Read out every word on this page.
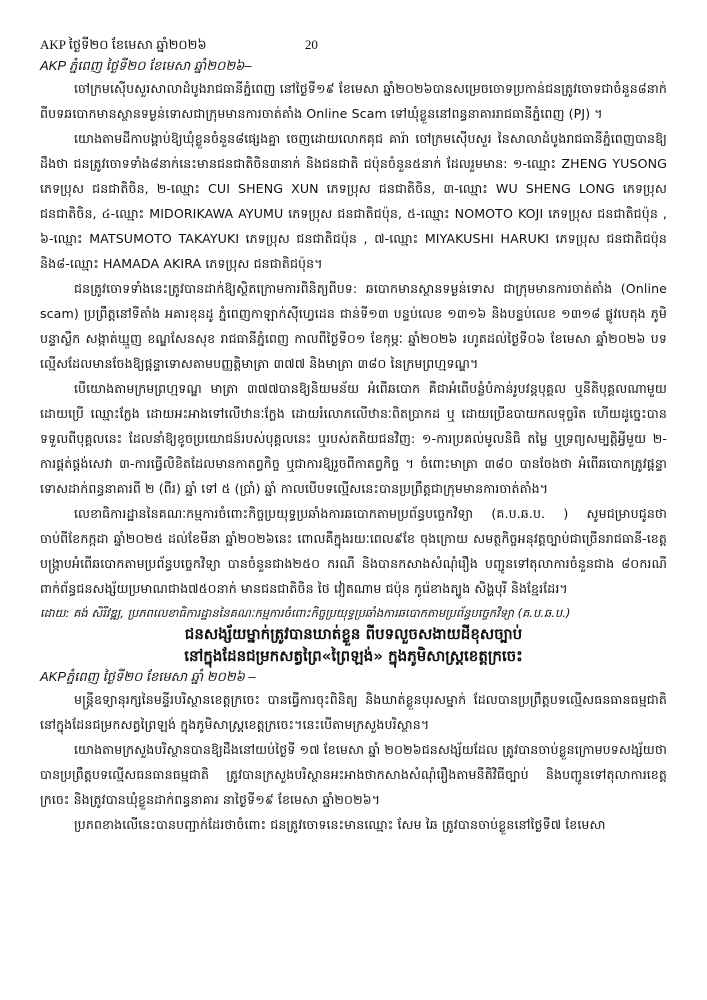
AKP ថ្ងៃទី២០ ខែមេសា ឆ្នាំ២០២៦	20
AKP ភ្នំពេញ ថ្ងៃទី២០ ខែមេសា ឆ្នាំ២០២៦–

ចៅក្រមស៊ើបសួរសាលាដំបូងរាជធានីភ្នំពេញ នៅថ្ងៃទី១៩ ខែមេសា ឆ្នាំ២០២៦បានសម្រេចចោទប្រកាន់ជនត្រូវចោទជាចំនួន៨នាក់ ពីបទឆបោកមានស្ថានទម្ងន់ទោសជាក្រុមមានការចាត់តាំង Online Scam ទៅឃុំខ្លួននៅពន្ធនាគាររាជធានីភ្នំពេញ (PJ) ។

យោងតាមដីកាបង្គាប់ឱ្យឃុំខ្លួនចំនួន៨ផ្សេងគ្នា ចេញដោយលោកគុជ គារ៉ា ចៅក្រមស៊ើបសួរ នៃសាលាដំបូងរាជធានីភ្នំពេញបានឱ្យដឹងថា ជនត្រូវចោទទាំង៨នាក់នេះមានជនជាតិចិន៣នាក់ និងជនជាតិ ជប៉ុនចំនួន៥នាក់ ដែលរួមមាន: ១-ឈ្មោះ ZHENG YUSONG ភេទប្រុស ជនជាតិចិន, ២-ឈ្មោះ CUI SHENG XUN ភេទប្រុស ជនជាតិចិន, ៣-ឈ្មោះ WU SHENG LONG ភេទប្រុស ជនជាតិចិន, ៤-ឈ្មោះ MIDORIKAWA AYUMU ភេទប្រុស ជនជាតិជប៉ុន, ៥-ឈ្មោះ NOMOTO KOJI ភេទប្រុស ជនជាតិជប៉ុន , ៦-ឈ្មោះ MATSUMOTO TAKAYUKI ភេទប្រុស ជនជាតិជប៉ុន , ៧-ឈ្មោះ MIYAKUSHI HARUKI ភេទប្រុស ជនជាតិជប៉ុន និង៨-ឈ្មោះ HAMADA AKIRA ភេទប្រុស ជនជាតិជប៉ុន។

ជនត្រូវចោទទាំងនេះត្រូវបានដាក់ឱ្យស្ថិតក្រោមការពិនិត្យពីបទ: ឆបោកមានស្ថានទម្ងន់ទោស ជាក្រុមមានការចាត់តាំង (Online scam) ប្រព្រឹត្តនៅទីតាំង អគារខុនដូ ភ្នំពេញកាឡាក់ស៊ីហ្វេដេន ជាន់ទី១៣ បន្ទប់លេខ ១៣១៦ និងបន្ទប់លេខ ១៣១៨ ផ្លូវបេតុង ភូមិបន្ទាស្លឹក សង្កាត់ឃ្មួញ ខណ្ឌសែនសុខ រាជធានីភ្នំពេញ កាលពីថ្ងៃទី០១ ខែកុម្ភៈ ឆ្នាំ២០២៦ រហូតដល់ថ្ងៃទី០៦ ខែមេសា ឆ្នាំ២០២៦ បទល្មើសដែលមានចែងឱ្យផ្តន្ទាទោសតាមបញ្ញត្តិមាត្រា ៣៧៧ និងមាត្រា ៣៨០ នៃក្រមព្រហ្មទណ្ឌ។

បើយោងតាមក្រមព្រហ្មទណ្ឌ មាត្រា ៣៧៧បានឱ្យនិយមន័យ អំពើឆបោក គឺជាអំពើបន្លំបំភាន់រូបវន្តបុគ្គល ឬនីតិបុគ្គលណាមួយ ដោយប្រើ ឈ្មោះក្លែង ដោយអះអាងទៅលើឋានៈក្លែង ដោយរំលោភលើឋានៈពិតប្រាកដ ឬ ដោយប្រើឧបាយកលទុច្ចរិត ហើយដូច្នេះបានទទួលពីបុគ្គលនេះ ដែលនាំឱ្យខូចប្រយោជន៍របស់បុគ្គលនេះ ឬរបស់តតិយជនវិញ: ១-ការប្រគល់មូលនិធិ តម្លៃ ឬទ្រព្យសម្បត្តិអ្វីមួយ ២-ការផ្គត់ផ្គង់សេវា ៣-ការធ្វើលិខិតដែលមានកាតព្វកិច្ច ឬជាការឱ្យរួចពីកាតព្វកិច្ច ។ ចំពោះមាត្រា ៣៨០ បានចែងថា អំពើឆបោកត្រូវផ្តន្ទាទោសដាក់ពន្ធនាគារពី ២ (ពីរ) ឆ្នាំ ទៅ ៥ (ប្រាំ) ឆ្នាំ កាលបើបទល្មើសនេះបានប្រព្រឹត្តជាក្រុមមានការចាត់តាំង។

លេខាធិការដ្ឋាននៃគណៈកម្មការចំពោះកិច្ចប្រយុទ្ធប្រឆាំងការឆបោកតាមប្រព័ន្ធបច្ចេកវិទ្យា (គ.ប.ឆ.ប. ) សូមជម្រាបជូនថា ចាប់ពីខែកក្កដា ឆ្នាំ២០២៥ ដល់ខែមីនា ឆ្នាំ២០២៦នេះ ពោលគឺក្នុងរយៈពេល៩ខែ ចុងក្រោយ សមត្ថកិច្ចអនុវត្តច្បាប់ជាច្រើនរាជធានី-ខេត្តបង្ក្រាបអំពើឆបោកតាមប្រព័ន្ធបច្ចេកវិទ្យា បានចំនួនជាង២៥០ ករណី និងបានកសាងសំណុំរឿង បញ្ជូនទៅតុលាការចំនួនជាង ៨០ករណី ពាក់ព័ន្ធជនសង្ស័យប្រមាណជាង៧៥០នាក់ មានជនជាតិចិន ថៃ វៀតណាម ជប៉ុន កូរ៉េខាងត្បូង សិង្ហបុរី និងខ្មែរដែរ។

ដោយ: គង់ សិរីវឌ្ឍ, ប្រភពលេខាធិការដ្ឋាននៃគណៈកម្មការចំពោះកិច្ចប្រយុទ្ធប្រឆាំងការឆបោកតាមប្រព័ន្ធបច្ចេកវិទ្យា (គ.ប.ឆ.ប.)
ជនសង្ស័យម្នាក់ត្រូវបានឃាត់ខ្លួន ពីបទលួចសងាយដីខុសច្បាប់
នៅក្នុងដែនជម្រកសត្វព្រៃ«ព្រៃឡង់» ក្នុងភូមិសាស្ត្រខេត្តក្រចេះ
AKPភ្នំពេញ ថ្ងៃទី២០ ខែមេសា ឆ្នាំ ២០២៦ –

មន្ត្រីឧទ្យានុរក្សនៃមន្ទីរបរិស្ថានខេត្តក្រចេះ បានធ្វើការចុះពិនិត្យ និងឃាត់ខ្លួនបុរសម្នាក់ ដែលបានប្រព្រឹត្តបទល្មើសធនធានធម្មជាតិ នៅក្នុងដែនជម្រកសត្វព្រៃឡង់ ក្នុងភូមិសាស្ត្រខេត្តក្រចេះ។នេះបើតាមក្រសួងបរិស្ថាន។

យោងតាមក្រសួងបរិស្ថានបានឱ្យដឹងនៅយប់ថ្ងៃទី ១៧ ខែមេសា ឆ្នាំ ២០២៦ជនសង្ស័យដែល ត្រូវបានចាប់ខ្លួនក្រោមបទសង្ស័យថាបានប្រព្រឹត្តបទល្មើសធនធានធម្មជាតិ ត្រូវបានក្រសួងបរិស្ថានអះអាងថាកសាងសំណុំរឿងតាមនីតិវិធីច្បាប់ និងបញ្ជូនទៅតុលាការខេត្តក្រចេះ និងត្រូវបានឃុំខ្លួនដាក់ពន្ធនាគារ នាថ្ងៃទី១៩ ខែមេសា ឆ្នាំ២០២៦។

ប្រភពខាងលើនេះបានបញ្ជាក់ដែរថាចំពោះ ជនត្រូវចោទនេះមានឈ្មោះ សែម ឆៃ ត្រូវបានចាប់ខ្លួននៅថ្ងៃទី៧ ខែមេសា
